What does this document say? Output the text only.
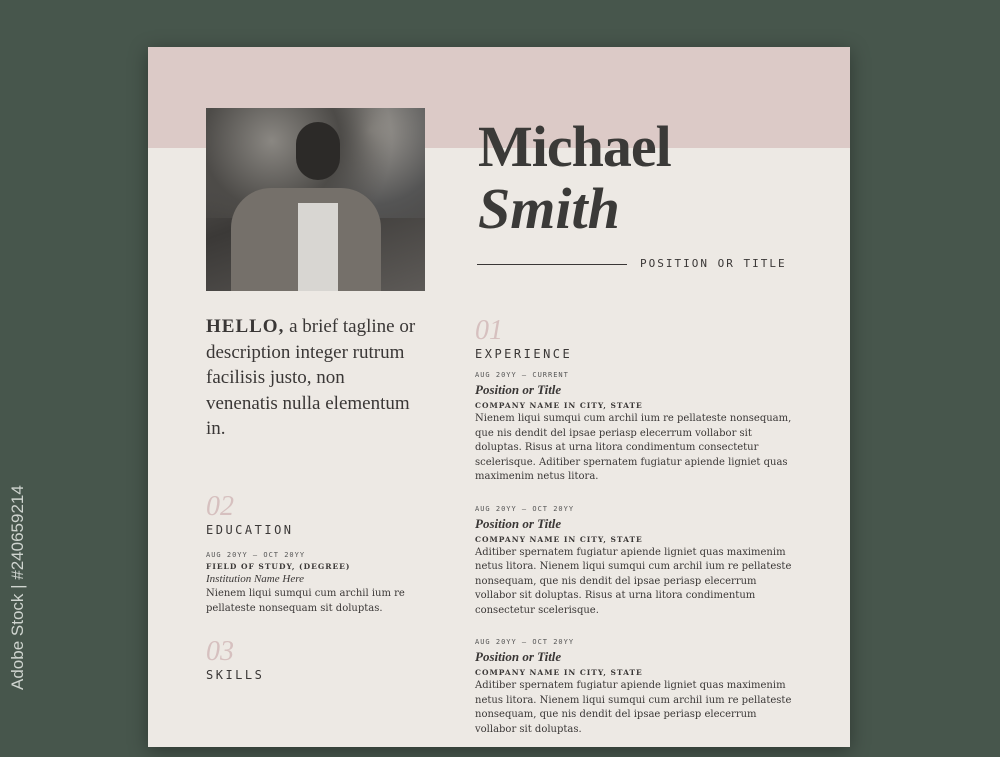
Adobe Stock | #240659214
Michael
Smith
POSITION OR TITLE
HELLO, a brief tagline or description integer rutrum facilisis justo, non venenatis nulla elementum in.
02
EDUCATION
AUG 20YY – OCT 20YY
FIELD OF STUDY, (DEGREE)
Institution Name Here
Nienem liqui sumqui cum archil ium re pellateste nonsequam sit doluptas.
03
SKILLS
01
EXPERIENCE
AUG 20YY – CURRENT
Position or Title
COMPANY NAME IN CITY, STATE
Nienem liqui sumqui cum archil ium re pellateste nonsequam, que nis dendit del ipsae periasp elecerrum vollabor sit doluptas. Risus at urna litora condimentum consectetur scelerisque. Aditiber spernatem fugiatur apiende ligniet quas maximenim netus litora.
AUG 20YY – OCT 20YY
Position or Title
COMPANY NAME IN CITY, STATE
Aditiber spernatem fugiatur apiende ligniet quas maximenim netus litora. Nienem liqui sumqui cum archil ium re pellateste nonsequam, que nis dendit del ipsae periasp elecerrum vollabor sit doluptas. Risus at urna litora condimentum consectetur scelerisque.
AUG 20YY – OCT 20YY
Position or Title
COMPANY NAME IN CITY, STATE
Aditiber spernatem fugiatur apiende ligniet quas maximenim netus litora. Nienem liqui sumqui cum archil ium re pellateste nonsequam, que nis dendit del ipsae periasp elecerrum vollabor sit doluptas.
